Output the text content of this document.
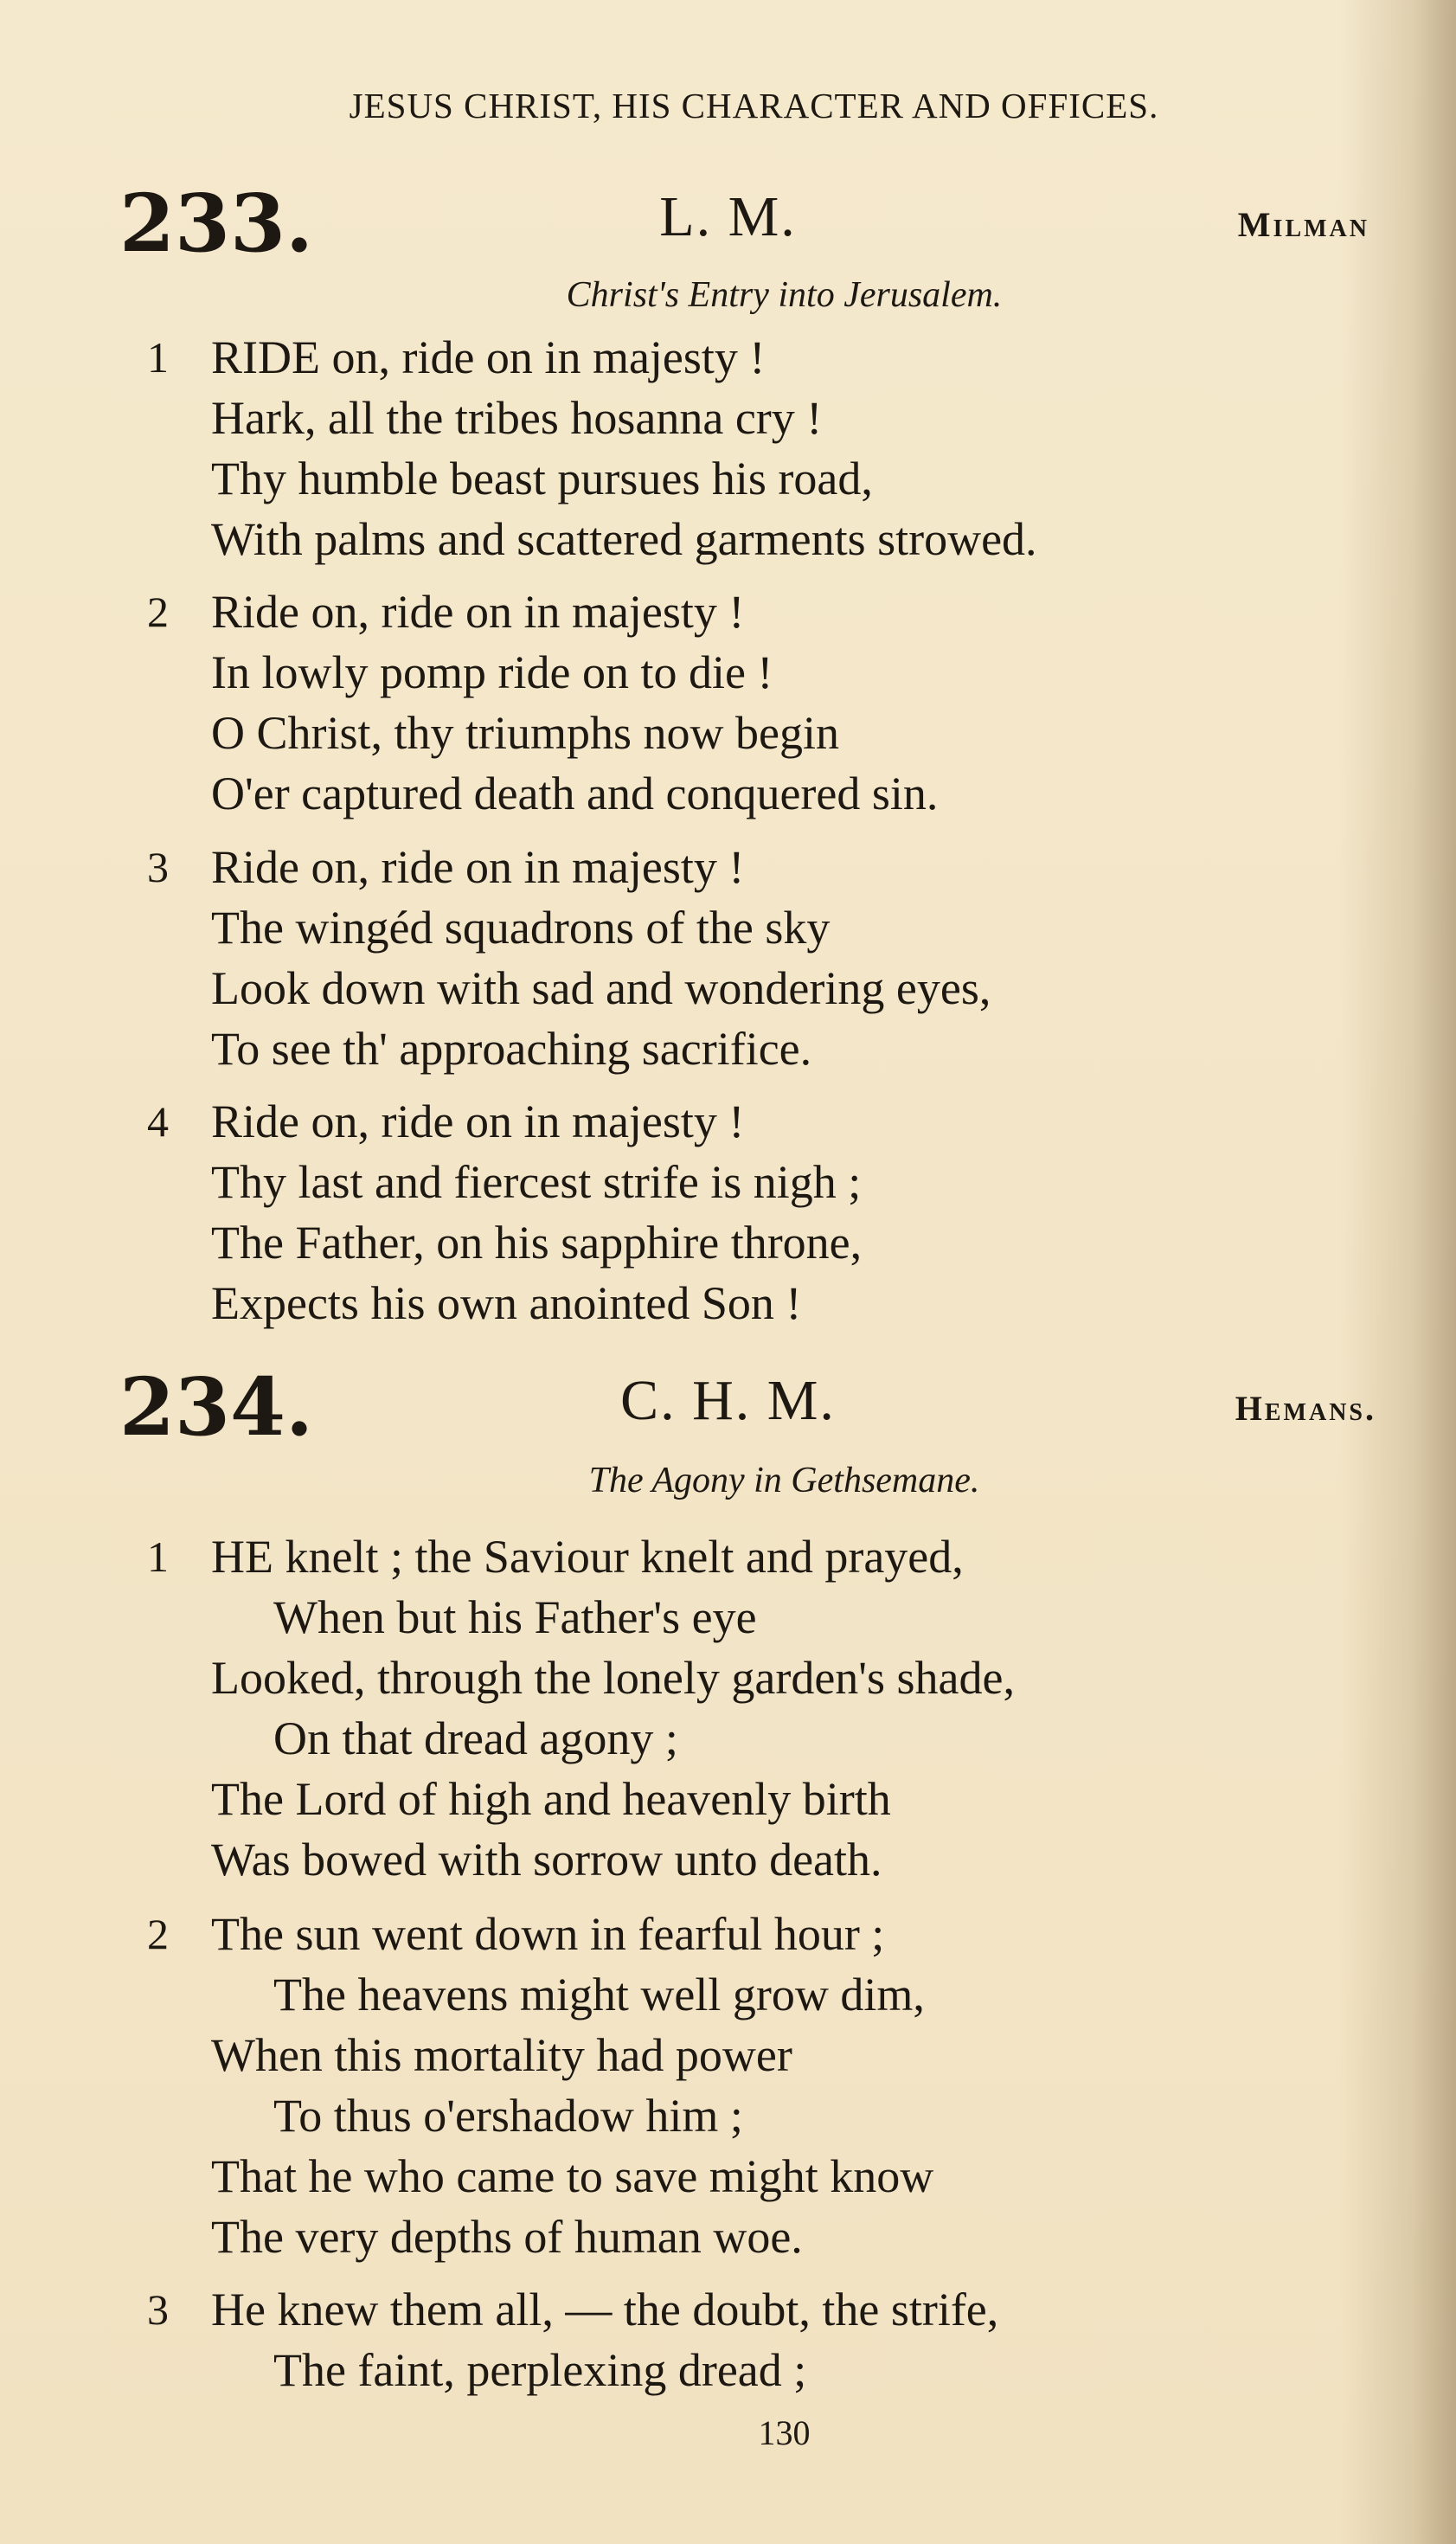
JESUS CHRIST, HIS CHARACTER AND OFFICES.
233.	L. M.	Milman
Christ's Entry into Jerusalem.
1 RIDE on, ride on in majesty !
Hark, all the tribes hosanna cry !
Thy humble beast pursues his road,
With palms and scattered garments strowed.
2 Ride on, ride on in majesty !
In lowly pomp ride on to die !
O Christ, thy triumphs now begin
O'er captured death and conquered sin.
3 Ride on, ride on in majesty !
The wingéd squadrons of the sky
Look down with sad and wondering eyes,
To see th' approaching sacrifice.
4 Ride on, ride on in majesty !
Thy last and fiercest strife is nigh ;
The Father, on his sapphire throne,
Expects his own anointed Son !
234.	C. H. M.	Hemans.
The Agony in Gethsemane.
1 HE knelt ; the Saviour knelt and prayed,
When but his Father's eye
Looked, through the lonely garden's shade,
On that dread agony ;
The Lord of high and heavenly birth
Was bowed with sorrow unto death.
2 The sun went down in fearful hour ;
The heavens might well grow dim,
When this mortality had power
To thus o'ershadow him ;
That he who came to save might know
The very depths of human woe.
3 He knew them all, — the doubt, the strife,
The faint, perplexing dread ;
130
